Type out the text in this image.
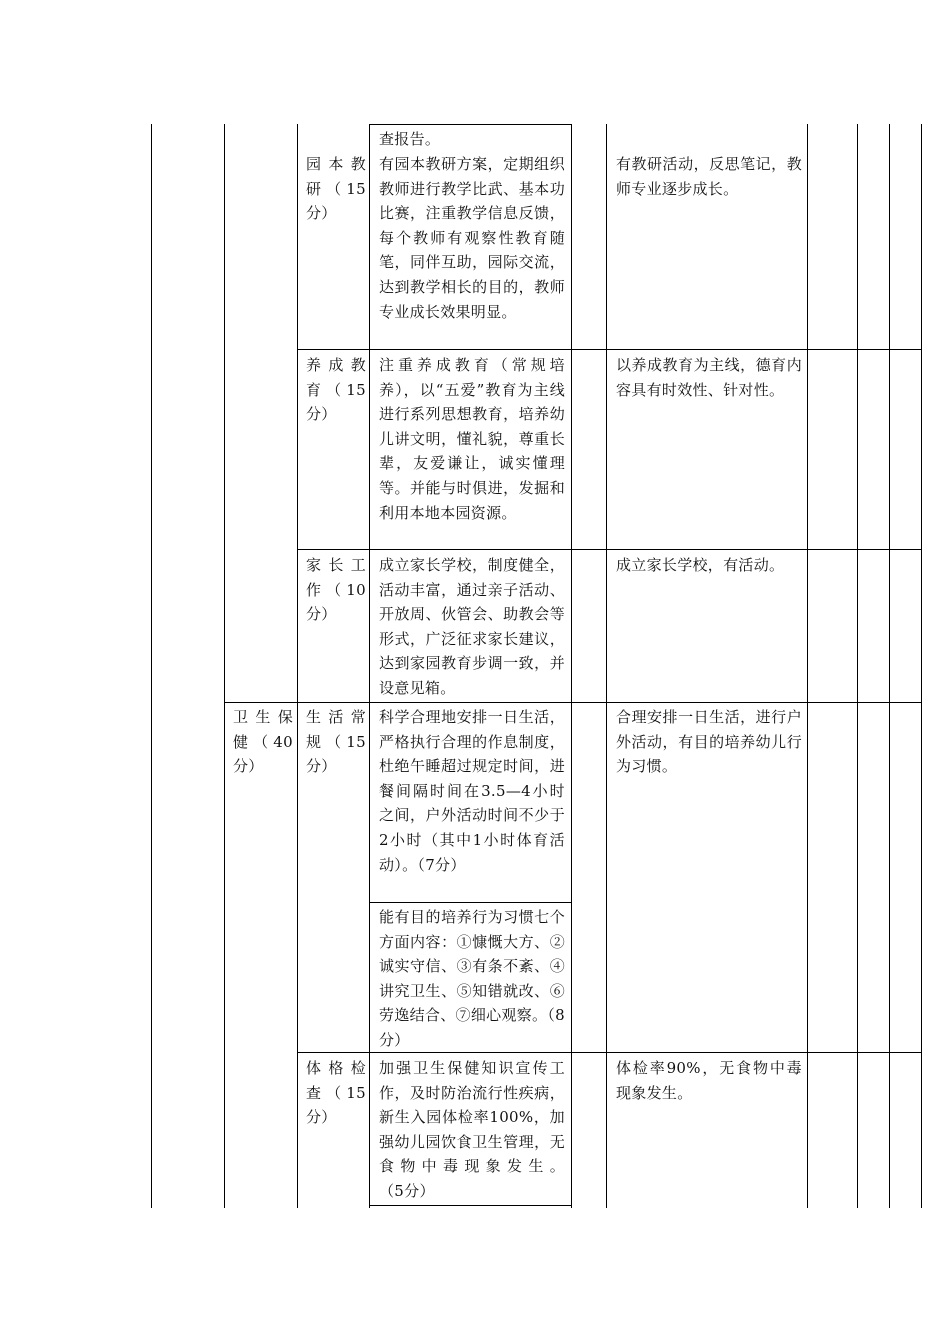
查报告。
园本教研（15分）
有园本教研方案，定期组织教师进行教学比武、基本功比赛，注重教学信息反馈，每个教师有观察性教育随笔，同伴互助，园际交流，达到教学相长的目的，教师专业成长效果明显。
有教研活动，反思笔记，教师专业逐步成长。
养成教育（15分）
注重养成教育（常规培养），以“五爱”教育为主线进行系列思想教育，培养幼儿讲文明，懂礼貌，尊重长辈，友爱谦让，诚实懂理等。并能与时俱进，发掘和利用本地本园资源。
以养成教育为主线，德育内容具有时效性、针对性。
家长工作（10分）
成立家长学校，制度健全，活动丰富，通过亲子活动、开放周、伙管会、助教会等形式，广泛征求家长建议，达到家园教育步调一致，并设意见箱。
成立家长学校，有活动。
卫生保健（40分）
生活常规（15分）
科学合理地安排一日生活，严格执行合理的作息制度，杜绝午睡超过规定时间，进餐间隔时间在3.5—4小时之间，户外活动时间不少于2小时（其中1小时体育活动）。（7分）
能有目的培养行为习惯七个方面内容：①慷慨大方、②诚实守信、③有条不紊、④讲究卫生、⑤知错就改、⑥劳逸结合、⑦细心观察。（8分）
合理安排一日生活，进行户外活动，有目的培养幼儿行为习惯。
体格检查（15分）
加强卫生保健知识宣传工作，及时防治流行性疾病，新生入园体检率100%，加强幼儿园饮食卫生管理，无食物中毒现象发生。      （5分）
体检率90%，无食物中毒现象发生。
